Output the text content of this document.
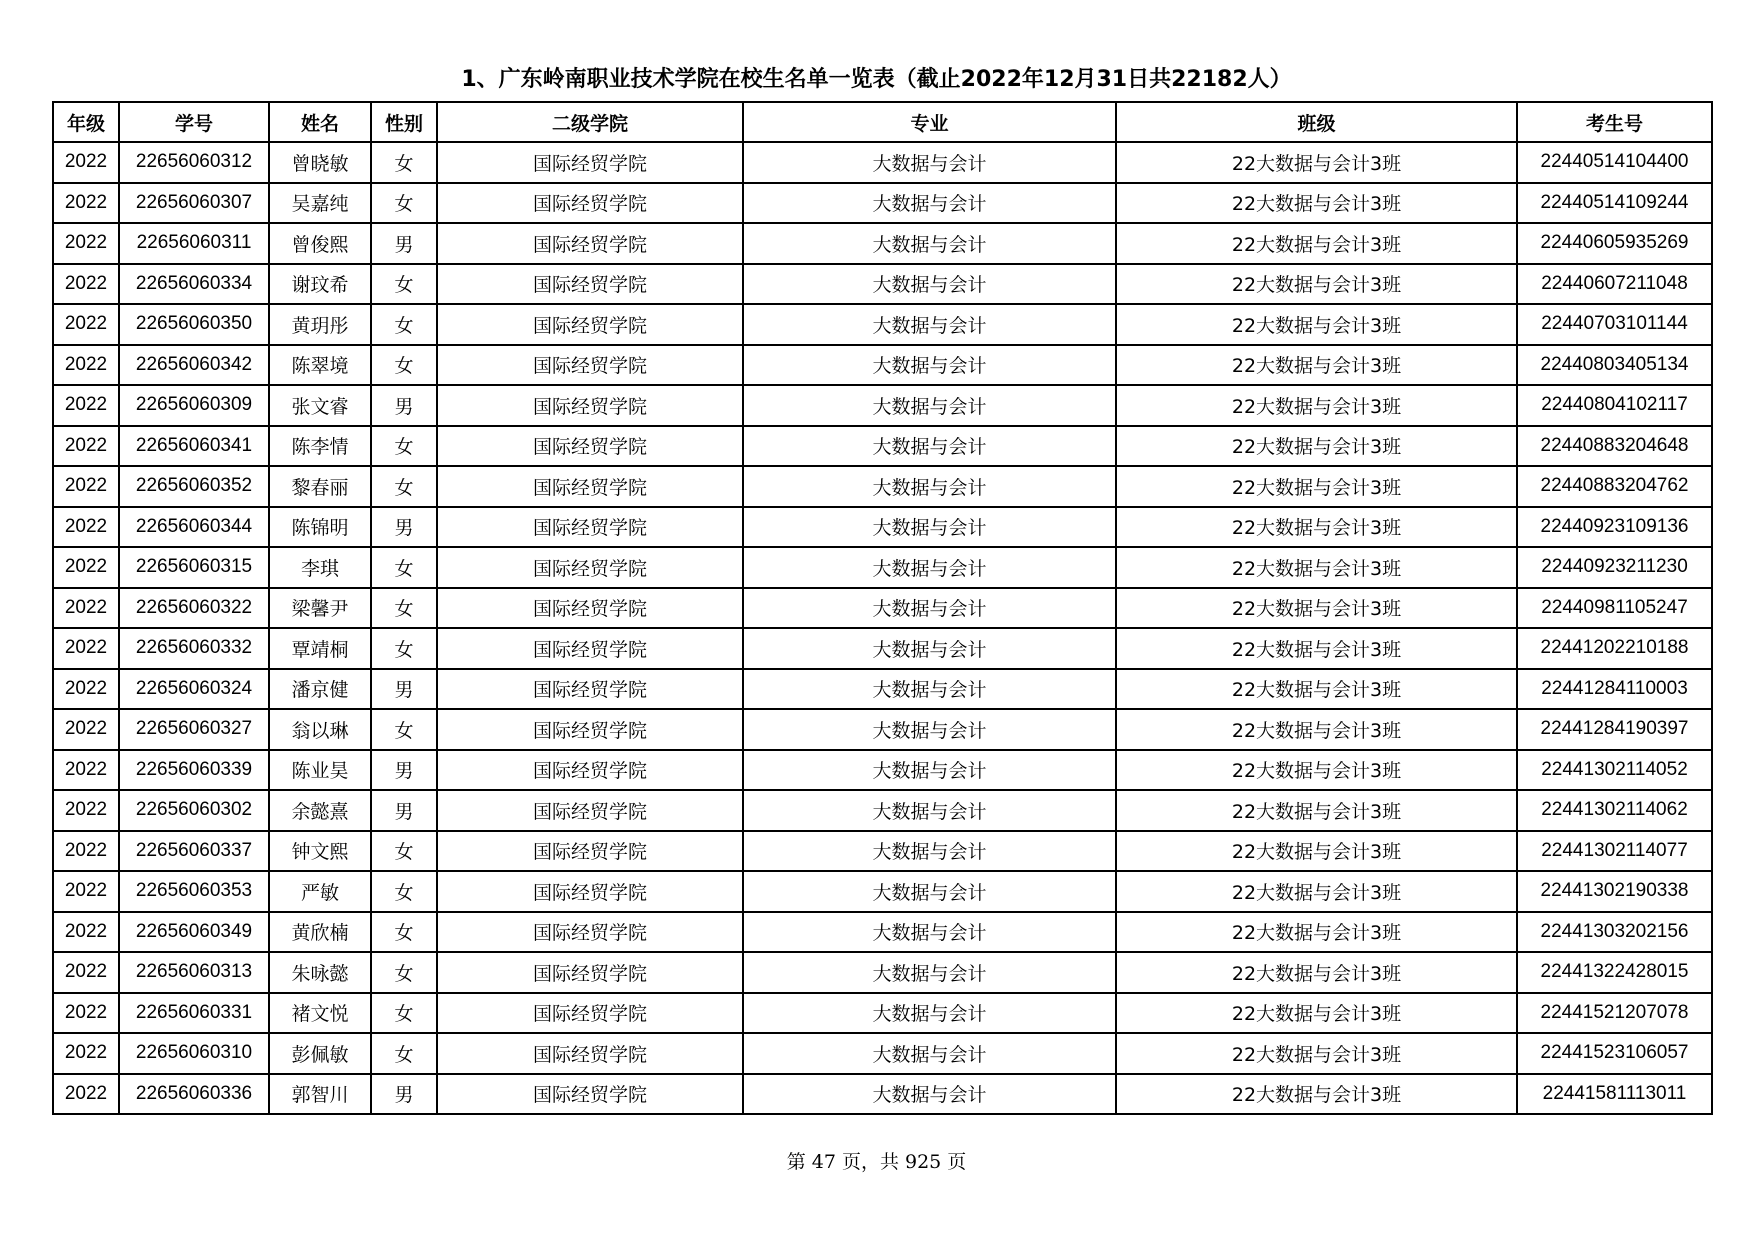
1、广东岭南职业技术学院在校生名单一览表（截止2022年12月31日共22182人）
年级	学号	姓名	性别	二级学院	专业	班级	考生号
2022	22656060312	曾晓敏	女	国际经贸学院	大数据与会计	22大数据与会计3班	22440514104400
2022	22656060307	吴嘉纯	女	国际经贸学院	大数据与会计	22大数据与会计3班	22440514109244
2022	22656060311	曾俊熙	男	国际经贸学院	大数据与会计	22大数据与会计3班	22440605935269
2022	22656060334	谢玟希	女	国际经贸学院	大数据与会计	22大数据与会计3班	22440607211048
2022	22656060350	黄玥彤	女	国际经贸学院	大数据与会计	22大数据与会计3班	22440703101144
2022	22656060342	陈翠境	女	国际经贸学院	大数据与会计	22大数据与会计3班	22440803405134
2022	22656060309	张文睿	男	国际经贸学院	大数据与会计	22大数据与会计3班	22440804102117
2022	22656060341	陈李情	女	国际经贸学院	大数据与会计	22大数据与会计3班	22440883204648
2022	22656060352	黎春丽	女	国际经贸学院	大数据与会计	22大数据与会计3班	22440883204762
2022	22656060344	陈锦明	男	国际经贸学院	大数据与会计	22大数据与会计3班	22440923109136
2022	22656060315	李琪	女	国际经贸学院	大数据与会计	22大数据与会计3班	22440923211230
2022	22656060322	梁馨尹	女	国际经贸学院	大数据与会计	22大数据与会计3班	22440981105247
2022	22656060332	覃靖桐	女	国际经贸学院	大数据与会计	22大数据与会计3班	22441202210188
2022	22656060324	潘京健	男	国际经贸学院	大数据与会计	22大数据与会计3班	22441284110003
2022	22656060327	翁以琳	女	国际经贸学院	大数据与会计	22大数据与会计3班	22441284190397
2022	22656060339	陈业昊	男	国际经贸学院	大数据与会计	22大数据与会计3班	22441302114052
2022	22656060302	余懿熹	男	国际经贸学院	大数据与会计	22大数据与会计3班	22441302114062
2022	22656060337	钟文熙	女	国际经贸学院	大数据与会计	22大数据与会计3班	22441302114077
2022	22656060353	严敏	女	国际经贸学院	大数据与会计	22大数据与会计3班	22441302190338
2022	22656060349	黄欣楠	女	国际经贸学院	大数据与会计	22大数据与会计3班	22441303202156
2022	22656060313	朱咏懿	女	国际经贸学院	大数据与会计	22大数据与会计3班	22441322428015
2022	22656060331	褚文悦	女	国际经贸学院	大数据与会计	22大数据与会计3班	22441521207078
2022	22656060310	彭佩敏	女	国际经贸学院	大数据与会计	22大数据与会计3班	22441523106057
2022	22656060336	郭智川	男	国际经贸学院	大数据与会计	22大数据与会计3班	22441581113011
第 47 页，共 925 页
